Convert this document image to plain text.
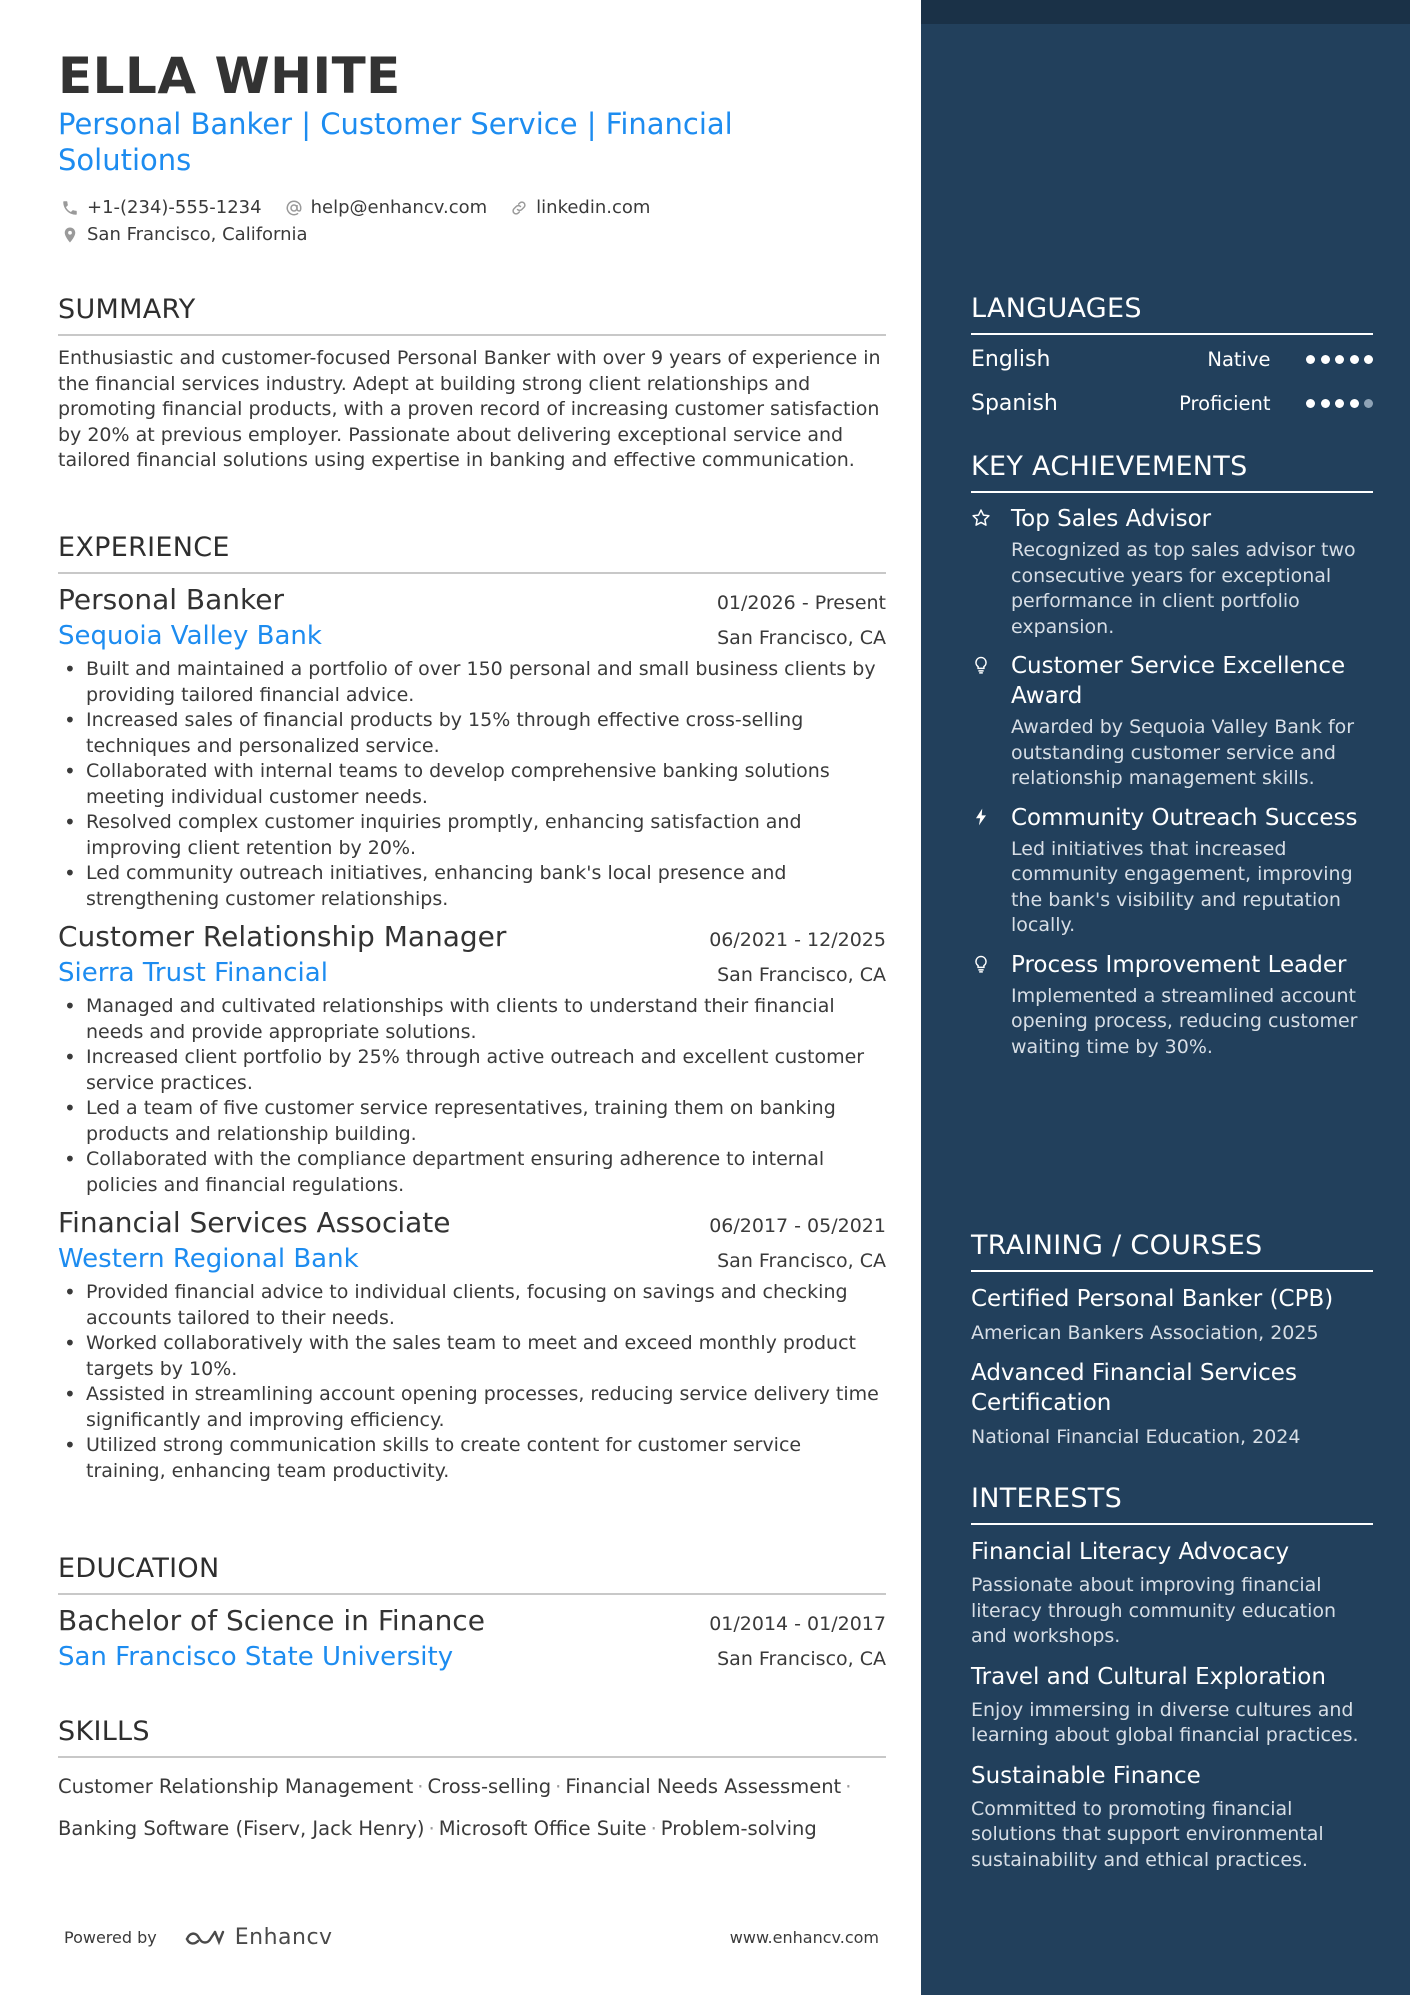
ELLA WHITE
Personal Banker | Customer Service | Financial Solutions
+1-(234)-555-1234	help@enhancv.com	linkedin.com
San Francisco, California
SUMMARY
Enthusiastic and customer-focused Personal Banker with over 9 years of experience in the financial services industry. Adept at building strong client relationships and promoting financial products, with a proven record of increasing customer satisfaction by 20% at previous employer. Passionate about delivering exceptional service and tailored financial solutions using expertise in banking and effective communication.
EXPERIENCE
Personal Banker	01/2026 - Present
Sequoia Valley Bank	San Francisco, CA
• Built and maintained a portfolio of over 150 personal and small business clients by providing tailored financial advice.
• Increased sales of financial products by 15% through effective cross-selling techniques and personalized service.
• Collaborated with internal teams to develop comprehensive banking solutions meeting individual customer needs.
• Resolved complex customer inquiries promptly, enhancing satisfaction and improving client retention by 20%.
• Led community outreach initiatives, enhancing bank's local presence and strengthening customer relationships.
Customer Relationship Manager	06/2021 - 12/2025
Sierra Trust Financial	San Francisco, CA
• Managed and cultivated relationships with clients to understand their financial needs and provide appropriate solutions.
• Increased client portfolio by 25% through active outreach and excellent customer service practices.
• Led a team of five customer service representatives, training them on banking products and relationship building.
• Collaborated with the compliance department ensuring adherence to internal policies and financial regulations.
Financial Services Associate	06/2017 - 05/2021
Western Regional Bank	San Francisco, CA
• Provided financial advice to individual clients, focusing on savings and checking accounts tailored to their needs.
• Worked collaboratively with the sales team to meet and exceed monthly product targets by 10%.
• Assisted in streamlining account opening processes, reducing service delivery time significantly and improving efficiency.
• Utilized strong communication skills to create content for customer service training, enhancing team productivity.
EDUCATION
Bachelor of Science in Finance	01/2014 - 01/2017
San Francisco State University	San Francisco, CA
SKILLS
Customer Relationship Management · Cross-selling · Financial Needs Assessment ·
Banking Software (Fiserv, Jack Henry) · Microsoft Office Suite · Problem-solving
Powered by	Enhancv	www.enhancv.com
LANGUAGES
English	Native
Spanish	Proficient
KEY ACHIEVEMENTS
Top Sales Advisor
Recognized as top sales advisor two consecutive years for exceptional performance in client portfolio expansion.
Customer Service Excellence Award
Awarded by Sequoia Valley Bank for outstanding customer service and relationship management skills.
Community Outreach Success
Led initiatives that increased community engagement, improving the bank's visibility and reputation locally.
Process Improvement Leader
Implemented a streamlined account opening process, reducing customer waiting time by 30%.
TRAINING / COURSES
Certified Personal Banker (CPB)
American Bankers Association, 2025
Advanced Financial Services Certification
National Financial Education, 2024
INTERESTS
Financial Literacy Advocacy
Passionate about improving financial literacy through community education and workshops.
Travel and Cultural Exploration
Enjoy immersing in diverse cultures and learning about global financial practices.
Sustainable Finance
Committed to promoting financial solutions that support environmental sustainability and ethical practices.
